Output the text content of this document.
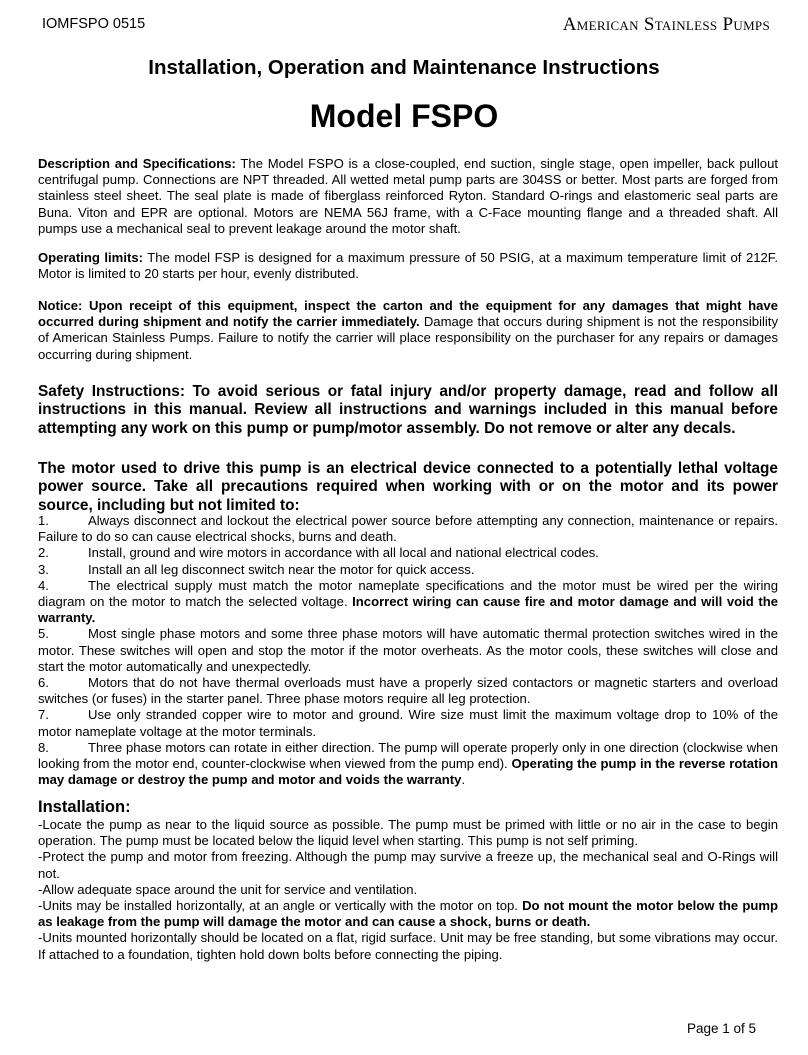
IOMFSPO 0515	American Stainless Pumps
Installation, Operation and Maintenance Instructions
Model FSPO
Description and Specifications: The Model FSPO is a close-coupled, end suction, single stage, open impeller, back pullout centrifugal pump. Connections are NPT threaded. All wetted metal pump parts are 304SS or better. Most parts are forged from stainless steel sheet. The seal plate is made of fiberglass reinforced Ryton. Standard O-rings and elastomeric seal parts are Buna. Viton and EPR are optional. Motors are NEMA 56J frame, with a C-Face mounting flange and a threaded shaft. All pumps use a mechanical seal to prevent leakage around the motor shaft.
Operating limits: The model FSP is designed for a maximum pressure of 50 PSIG, at a maximum temperature limit of 212F. Motor is limited to 20 starts per hour, evenly distributed.
Notice: Upon receipt of this equipment, inspect the carton and the equipment for any damages that might have occurred during shipment and notify the carrier immediately. Damage that occurs during shipment is not the responsibility of American Stainless Pumps. Failure to notify the carrier will place responsibility on the purchaser for any repairs or damages occurring during shipment.
Safety Instructions: To avoid serious or fatal injury and/or property damage, read and follow all instructions in this manual. Review all instructions and warnings included in this manual before attempting any work on this pump or pump/motor assembly. Do not remove or alter any decals.
The motor used to drive this pump is an electrical device connected to a potentially lethal voltage power source. Take all precautions required when working with or on the motor and its power source, including but not limited to:
1.	Always disconnect and lockout the electrical power source before attempting any connection, maintenance or repairs. Failure to do so can cause electrical shocks, burns and death.
2.	Install, ground and wire motors in accordance with all local and national electrical codes.
3.	Install an all leg disconnect switch near the motor for quick access.
4.	The electrical supply must match the motor nameplate specifications and the motor must be wired per the wiring diagram on the motor to match the selected voltage. Incorrect wiring can cause fire and motor damage and will void the warranty.
5.	Most single phase motors and some three phase motors will have automatic thermal protection switches wired in the motor. These switches will open and stop the motor if the motor overheats. As the motor cools, these switches will close and start the motor automatically and unexpectedly.
6.	Motors that do not have thermal overloads must have a properly sized contactors or magnetic starters and overload switches (or fuses) in the starter panel. Three phase motors require all leg protection.
7.	Use only stranded copper wire to motor and ground. Wire size must limit the maximum voltage drop to 10% of the motor nameplate voltage at the motor terminals.
8.	Three phase motors can rotate in either direction. The pump will operate properly only in one direction (clockwise when looking from the motor end, counter-clockwise when viewed from the pump end). Operating the pump in the reverse rotation may damage or destroy the pump and motor and voids the warranty.
Installation:
-Locate the pump as near to the liquid source as possible. The pump must be primed with little or no air in the case to begin operation. The pump must be located below the liquid level when starting. This pump is not self priming.
-Protect the pump and motor from freezing. Although the pump may survive a freeze up, the mechanical seal and O-Rings will not.
-Allow adequate space around the unit for service and ventilation.
-Units may be installed horizontally, at an angle or vertically with the motor on top. Do not mount the motor below the pump as leakage from the pump will damage the motor and can cause a shock, burns or death.
-Units mounted horizontally should be located on a flat, rigid surface. Unit may be free standing, but some vibrations may occur. If attached to a foundation, tighten hold down bolts before connecting the piping.
Page 1 of 5
